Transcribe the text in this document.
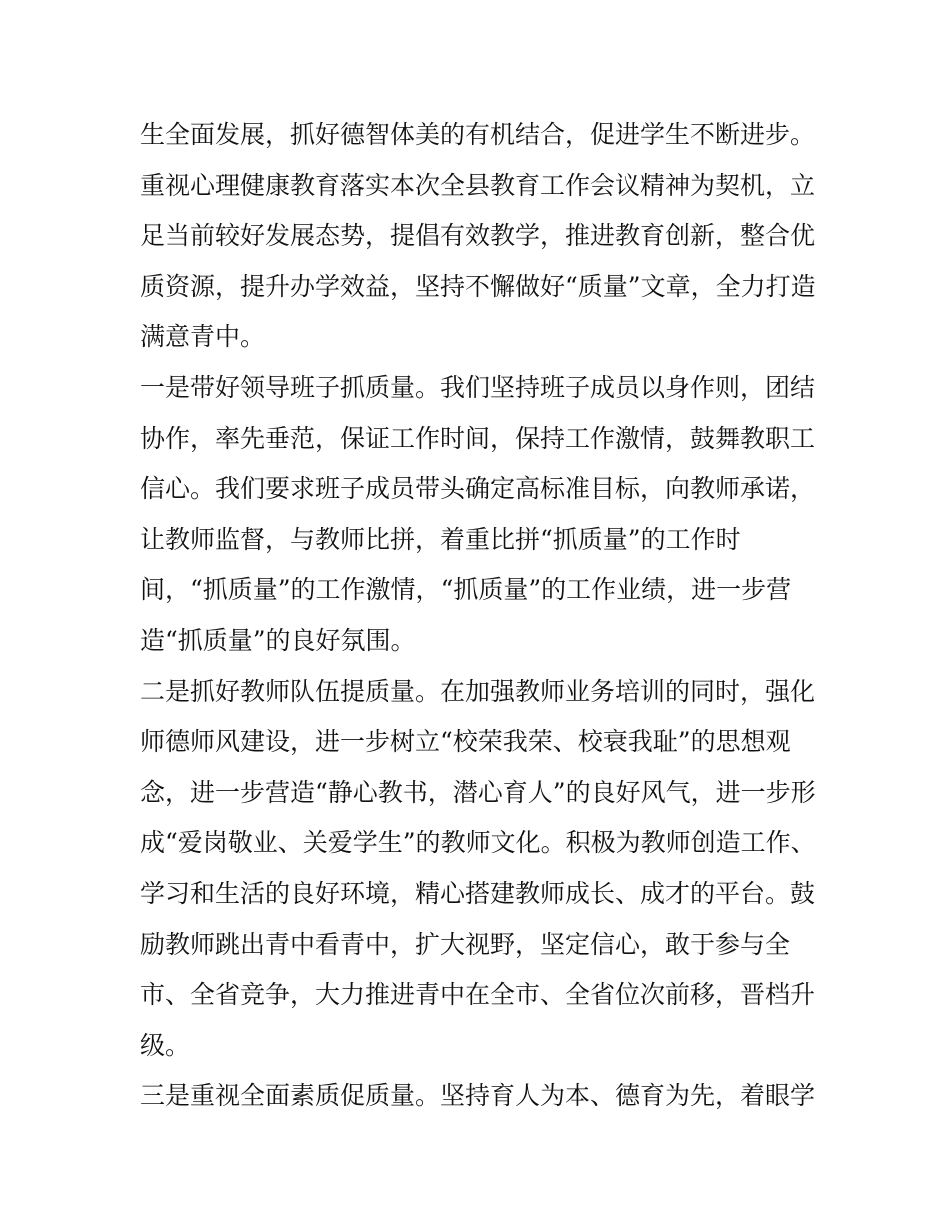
生全面发展，抓好德智体美的有机结合，促进学生不断进步。
重视心理健康教育落实本次全县教育工作会议精神为契机，立
足当前较好发展态势，提倡有效教学，推进教育创新，整合优
质资源，提升办学效益，坚持不懈做好“质量”文章，全力打造
满意青中。
一是带好领导班子抓质量。我们坚持班子成员以身作则，团结
协作，率先垂范，保证工作时间，保持工作激情，鼓舞教职工
信心。我们要求班子成员带头确定高标准目标，向教师承诺，
让教师监督，与教师比拼，着重比拼“抓质量”的工作时
间，“抓质量”的工作激情，“抓质量”的工作业绩，进一步营
造“抓质量”的良好氛围。
二是抓好教师队伍提质量。在加强教师业务培训的同时，强化
师德师风建设，进一步树立“校荣我荣、校衰我耻”的思想观
念，进一步营造“静心教书，潜心育人”的良好风气，进一步形
成“爱岗敬业、关爱学生”的教师文化。积极为教师创造工作、
学习和生活的良好环境，精心搭建教师成长、成才的平台。鼓
励教师跳出青中看青中，扩大视野，坚定信心，敢于参与全
市、全省竞争，大力推进青中在全市、全省位次前移，晋档升
级。
三是重视全面素质促质量。坚持育人为本、德育为先，着眼学
